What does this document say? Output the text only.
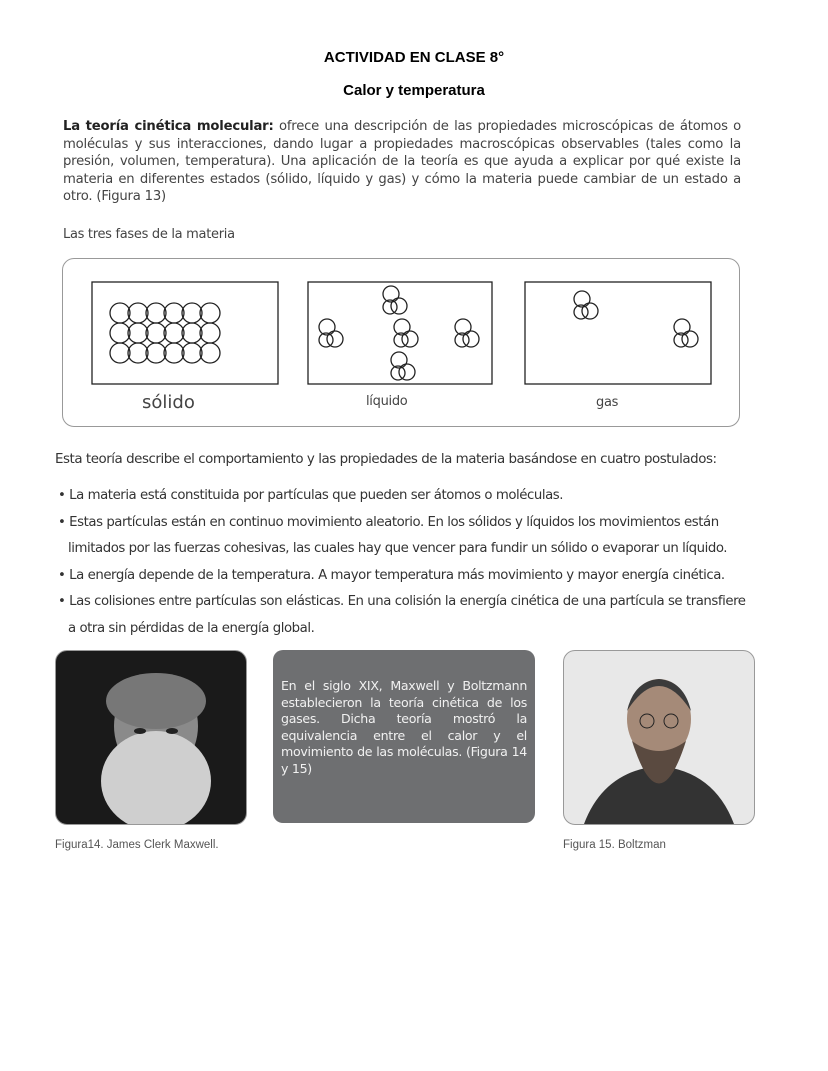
ACTIVIDAD EN CLASE 8°
Calor y temperatura
La teoría cinética molecular: ofrece una descripción de las propiedades microscópicas de átomos o moléculas y sus interacciones, dando lugar a propiedades macroscópicas observables (tales como la presión, volumen, temperatura). Una aplicación de la teoría es que ayuda a explicar por qué existe la materia en diferentes estados (sólido, líquido y gas) y cómo la materia puede cambiar de un estado a otro. (Figura 13)
Las tres fases de la materia
sólido	líquido	gas
Esta teoría describe el comportamiento y las propiedades de la materia basándose en cuatro postulados:
• La materia está constituida por partículas que pueden ser átomos o moléculas.
• Estas partículas están en continuo movimiento aleatorio. En los sólidos y líquidos los movimientos están limitados por las fuerzas cohesivas, las cuales hay que vencer para fundir un sólido o evaporar un líquido.
• La energía depende de la temperatura. A mayor temperatura más movimiento y mayor energía cinética.
• Las colisiones entre partículas son elásticas. En una colisión la energía cinética de una partícula se transfiere a otra sin pérdidas de la energía global.

En el siglo XIX, Maxwell y Boltzmann establecieron la teoría cinética de los gases. Dicha teoría mostró la equivalencia entre el calor y el movimiento de las moléculas. (Figura 14 y 15)

Figura14. James Clerk Maxwell.	Figura 15. Boltzman
